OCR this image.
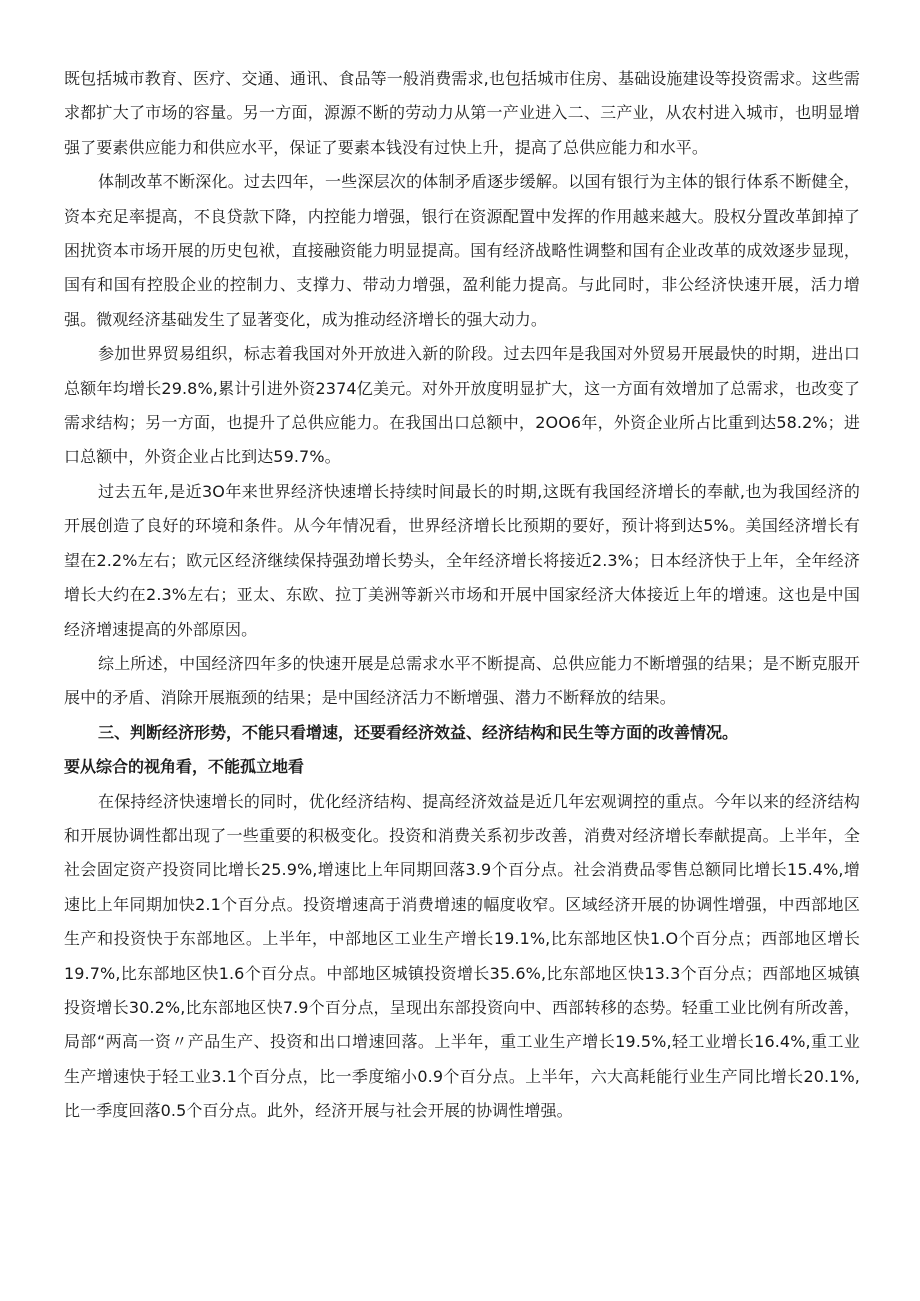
既包括城市教育、医疗、交通、通讯、食品等一般消费需求,也包括城市住房、基础设施建设等投资需求。这些需求都扩大了市场的容量。另一方面，源源不断的劳动力从第一产业进入二、三产业，从农村进入城市，也明显增强了要素供应能力和供应水平，保证了要素本钱没有过快上升，提高了总供应能力和水平。

体制改革不断深化。过去四年，一些深层次的体制矛盾逐步缓解。以国有银行为主体的银行体系不断健全，资本充足率提高，不良贷款下降，内控能力增强，银行在资源配置中发挥的作用越来越大。股权分置改革卸掉了困扰资本市场开展的历史包袱，直接融资能力明显提高。国有经济战略性调整和国有企业改革的成效逐步显现，国有和国有控股企业的控制力、支撑力、带动力增强，盈利能力提高。与此同时，非公经济快速开展，活力增强。微观经济基础发生了显著变化，成为推动经济增长的强大动力。

参加世界贸易组织，标志着我国对外开放进入新的阶段。过去四年是我国对外贸易开展最快的时期，进出口总额年均增长29.8%,累计引进外资2374亿美元。对外开放度明显扩大，这一方面有效增加了总需求，也改变了需求结构；另一方面，也提升了总供应能力。在我国出口总额中，2OO6年，外资企业所占比重到达58.2%；进口总额中，外资企业占比到达59.7%。

过去五年,是近3O年来世界经济快速增长持续时间最长的时期,这既有我国经济增长的奉献,也为我国经济的开展创造了良好的环境和条件。从今年情况看，世界经济增长比预期的要好，预计将到达5%。美国经济增长有望在2.2%左右；欧元区经济继续保持强劲增长势头，全年经济增长将接近2.3%；日本经济快于上年，全年经济增长大约在2.3%左右；亚太、东欧、拉丁美洲等新兴市场和开展中国家经济大体接近上年的增速。这也是中国经济增速提高的外部原因。

综上所述，中国经济四年多的快速开展是总需求水平不断提高、总供应能力不断增强的结果；是不断克服开展中的矛盾、消除开展瓶颈的结果；是中国经济活力不断增强、潜力不断释放的结果。

三、判断经济形势，不能只看增速，还要看经济效益、经济结构和民生等方面的改善情况。

要从综合的视角看，不能孤立地看

在保持经济快速增长的同时，优化经济结构、提高经济效益是近几年宏观调控的重点。今年以来的经济结构和开展协调性都出现了一些重要的积极变化。投资和消费关系初步改善，消费对经济增长奉献提高。上半年，全社会固定资产投资同比增长25.9%,增速比上年同期回落3.9个百分点。社会消费品零售总额同比增长15.4%,增速比上年同期加快2.1个百分点。投资增速高于消费增速的幅度收窄。区域经济开展的协调性增强，中西部地区生产和投资快于东部地区。上半年，中部地区工业生产增长19.1%,比东部地区快1.O个百分点；西部地区增长19.7%,比东部地区快1.6个百分点。中部地区城镇投资增长35.6%,比东部地区快13.3个百分点；西部地区城镇投资增长30.2%,比东部地区快7.9个百分点，呈现出东部投资向中、西部转移的态势。轻重工业比例有所改善，局部“两高一资〃产品生产、投资和出口增速回落。上半年，重工业生产增长19.5%,轻工业增长16.4%,重工业生产增速快于轻工业3.1个百分点，比一季度缩小0.9个百分点。上半年，六大高耗能行业生产同比增长20.1%,比一季度回落0.5个百分点。此外，经济开展与社会开展的协调性增强。
